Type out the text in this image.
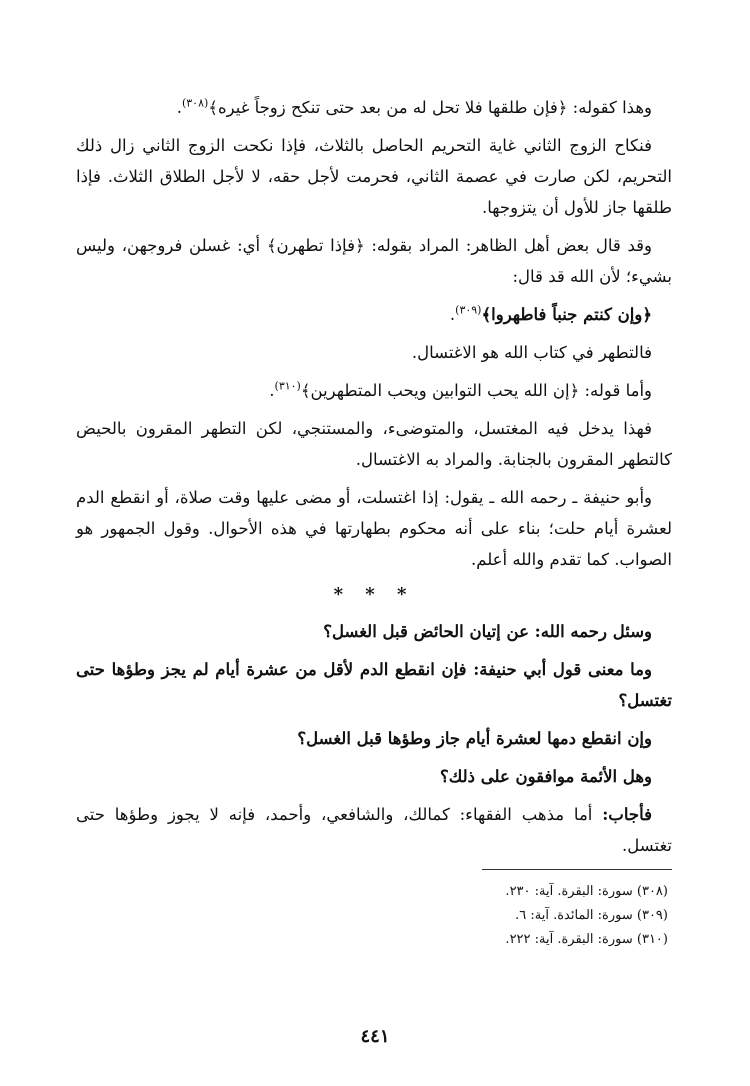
وهذا كقوله: ﴿فإن طلقها فلا تحل له من بعد حتى تنكح زوجاً غيره﴾$^{(٣٠٨)}$.

فنكاح الزوج الثاني غاية التحريم الحاصل بالثلاث، فإذا نكحت الزوج الثاني زال ذلك التحريم، لكن صارت في عصمة الثاني، فحرمت لأجل حقه، لا لأجل الطلاق الثلاث. فإذا طلقها جاز للأول أن يتزوجها.

وقد قال بعض أهل الظاهر: المراد بقوله: ﴿فإذا تطهرن﴾ أي: غسلن فروجهن، وليس بشيء؛ لأن الله قد قال:

﴿وإن كنتم جنباً فاطهروا﴾$^{(٣٠٩)}$.

فالتطهر في كتاب الله هو الاغتسال.

وأما قوله: ﴿إن الله يحب التوابين ويحب المتطهرين﴾$^{(٣١٠)}$.

فهذا يدخل فيه المغتسل، والمتوضىء، والمستنجي، لكن التطهر المقرون بالحيض كالتطهر المقرون بالجنابة. والمراد به الاغتسال.

وأبو حنيفة ـ رحمه الله ـ يقول: إذا اغتسلت، أو مضى عليها وقت صلاة، أو انقطع الدم لعشرة أيام حلت؛ بناء على أنه محكوم بطهارتها في هذه الأحوال. وقول الجمهور هو الصواب. كما تقدم والله أعلم.

* * *

وسئل رحمه الله: عن إتيان الحائض قبل الغسل؟

وما معنى قول أبي حنيفة: فإن انقطع الدم لأقل من عشرة أيام لم يجز وطؤها حتى تغتسل؟

وإن انقطع دمها لعشرة أيام جاز وطؤها قبل الغسل؟

وهل الأئمة موافقون على ذلك؟

فأجاب: أما مذهب الفقهاء: كمالك، والشافعي، وأحمد، فإنه لا يجوز وطؤها حتى تغتسل.

(٣٠٨) سورة: البقرة. آية: ٢٣٠.

(٣٠٩) سورة: المائدة. آية: ٦.

(٣١٠) سورة: البقرة. آية: ٢٢٢.

٤٤١
